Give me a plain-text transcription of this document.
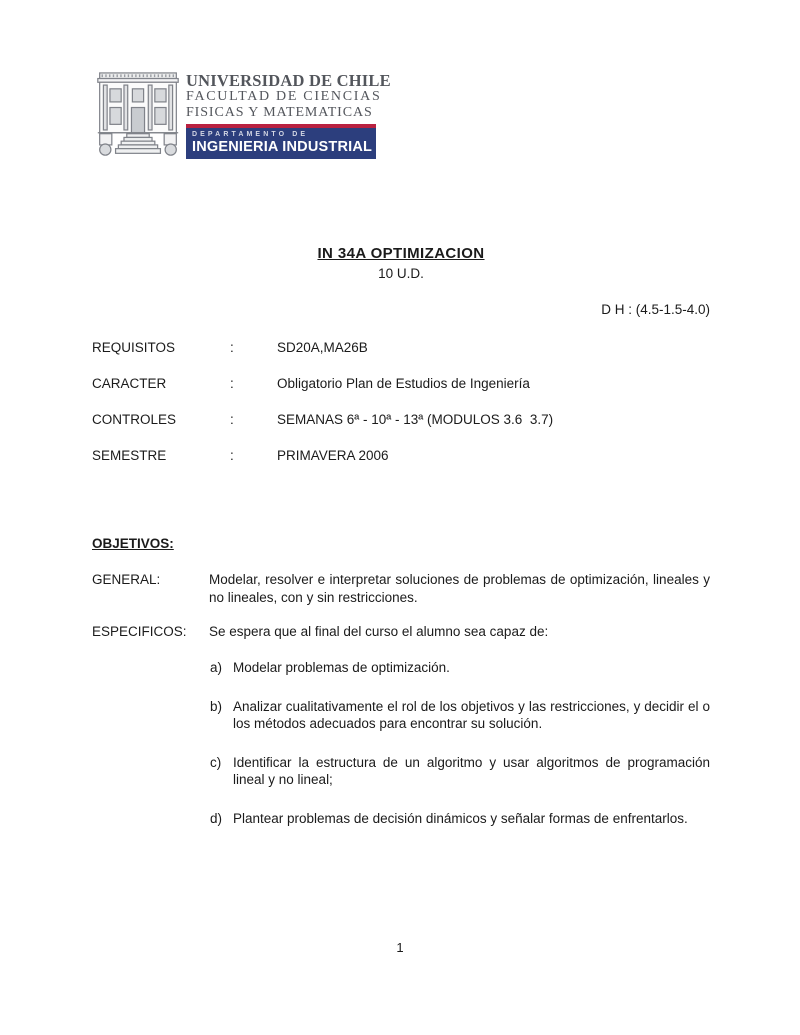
UNIVERSIDAD DE CHILE
FACULTAD DE CIENCIAS
FISICAS Y MATEMATICAS
DEPARTAMENTO DE
INGENIERIA INDUSTRIAL
IN 34A OPTIMIZACION
10 U.D.
D H : (4.5-1.5-4.0)
REQUISITOS	:	SD20A,MA26B
CARACTER	:	Obligatorio Plan de Estudios de Ingeniería
CONTROLES	:	SEMANAS 6ª - 10ª - 13ª (MODULOS 3.6  3.7)
SEMESTRE	:	PRIMAVERA 2006
OBJETIVOS:
GENERAL:	Modelar, resolver e interpretar soluciones de problemas de optimización, lineales y no lineales, con y sin restricciones.
ESPECIFICOS:	Se espera que al final del curso el alumno sea capaz de:
a) Modelar problemas de optimización.
b) Analizar cualitativamente el rol de los objetivos y las restricciones, y decidir el o los métodos adecuados para encontrar su solución.
c) Identificar la estructura de un algoritmo y usar algoritmos de programación lineal y no lineal;
d) Plantear problemas de decisión dinámicos y señalar formas de enfrentarlos.
1
